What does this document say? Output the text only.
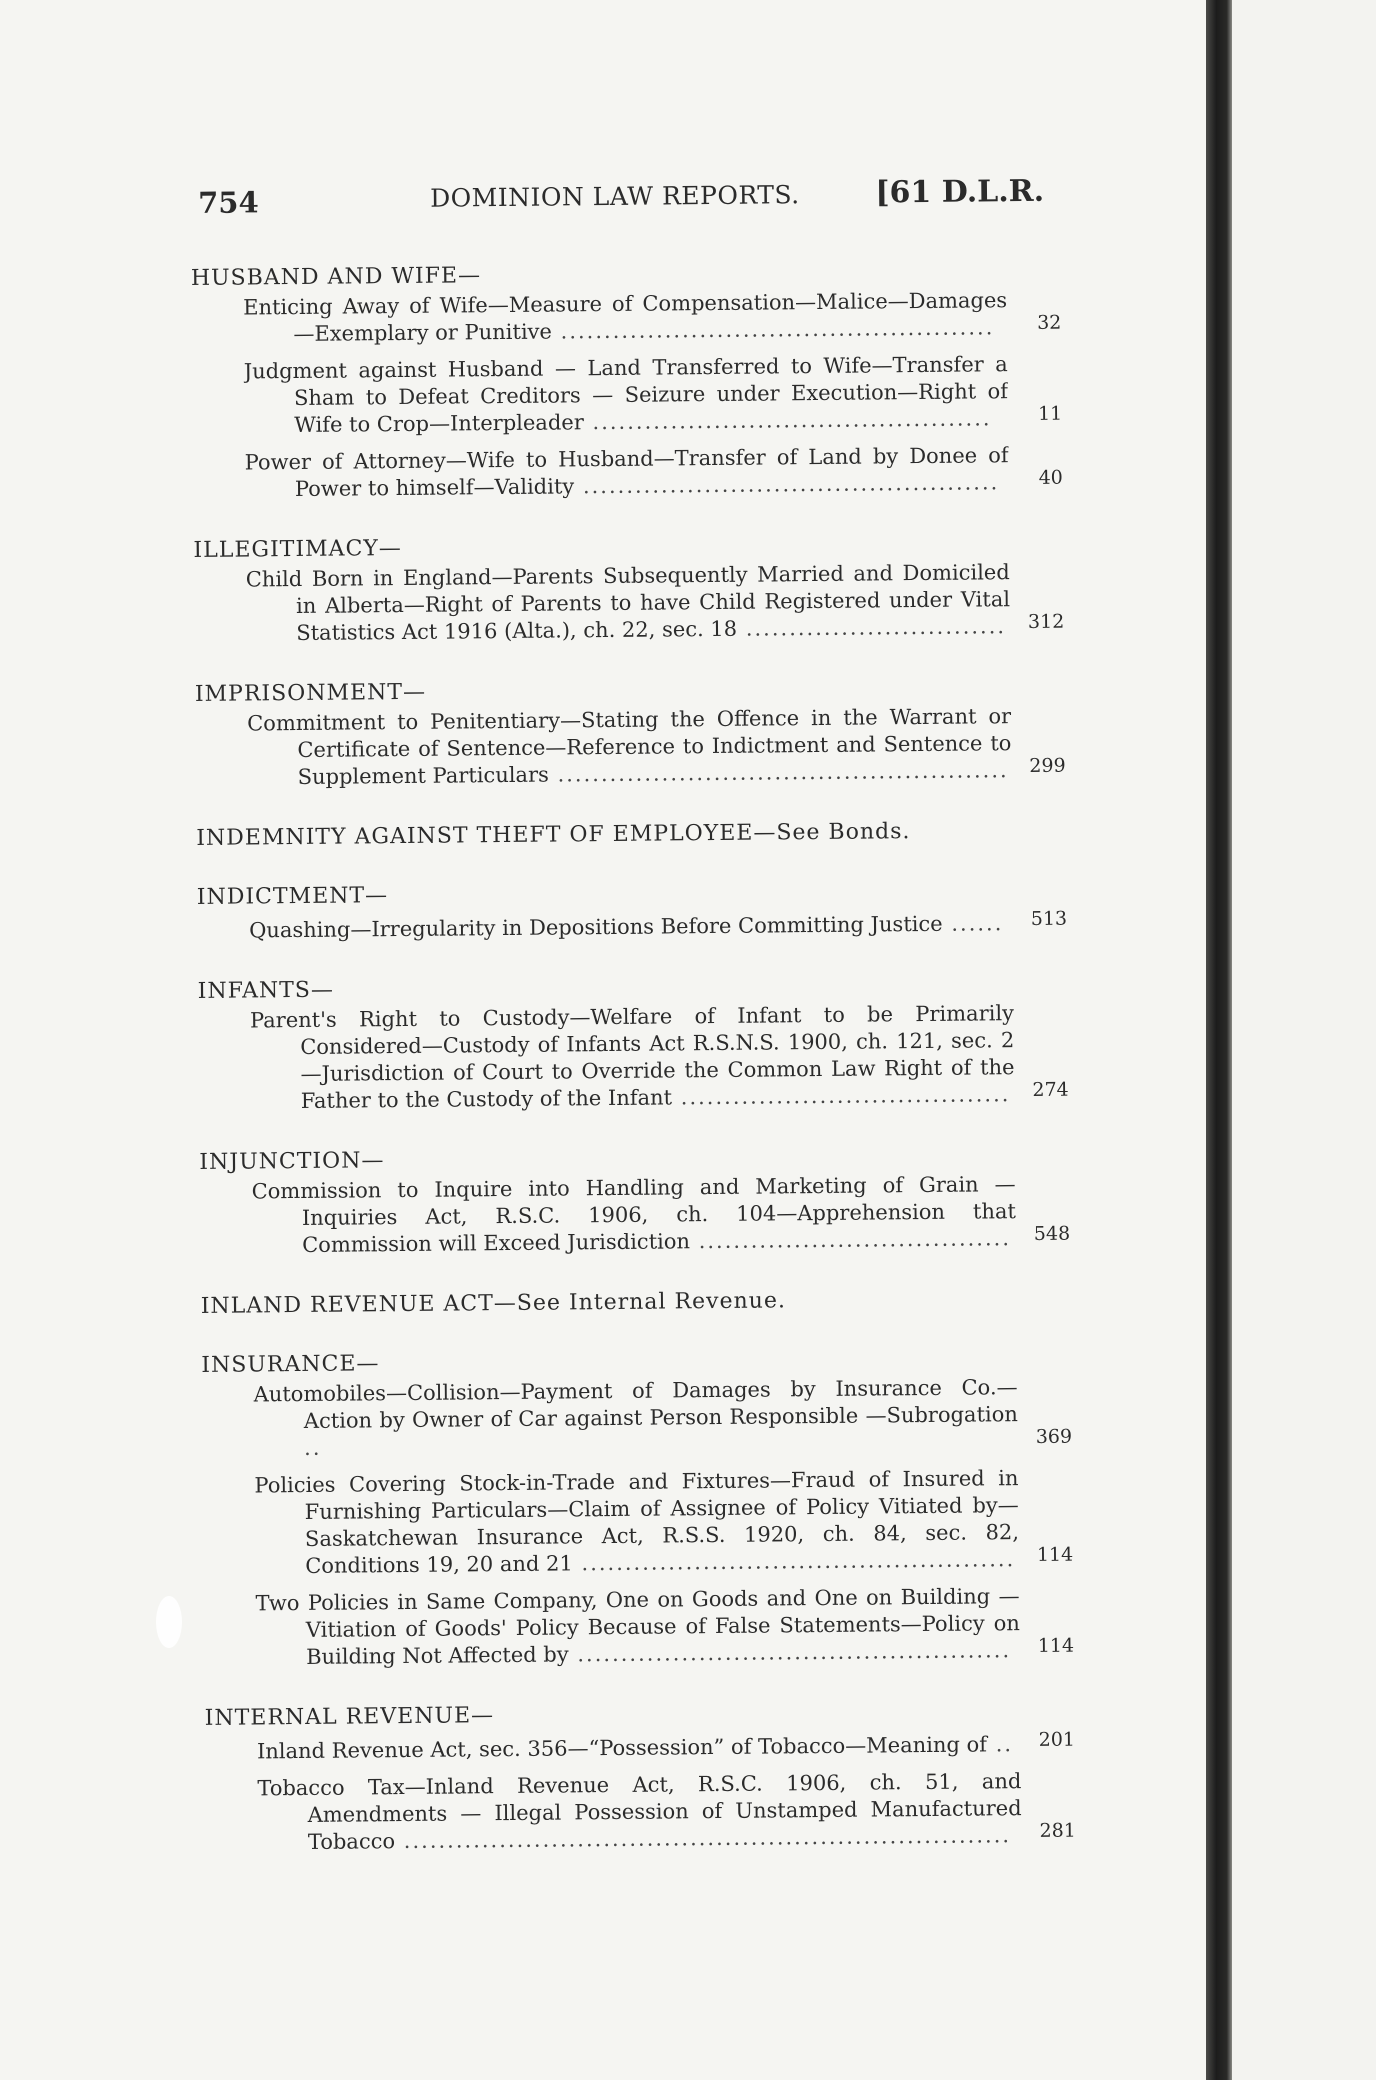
754	DOMINION LAW REPORTS.	[61 D.L.R.
HUSBAND AND WIFE—
Enticing Away of Wife—Measure of Compensation—Malice—Damages—Exemplary or Punitive ..................................................	32
Judgment against Husband — Land Transferred to Wife—Transfer a Sham to Defeat Creditors — Seizure under Execution—Right of Wife to Crop—Interpleader ..............................................	11
Power of Attorney—Wife to Husband—Transfer of Land by Donee of Power to himself—Validity ................................................	40
ILLEGITIMACY—
Child Born in England—Parents Subsequently Married and Domiciled in Alberta—Right of Parents to have Child Registered under Vital Statistics Act 1916 (Alta.), ch. 22, sec. 18 ..............................	312
IMPRISONMENT—
Commitment to Penitentiary—Stating the Offence in the Warrant or Certificate of Sentence—Reference to Indictment and Sentence to Supplement Particulars ....................................................	299
INDEMNITY AGAINST THEFT OF EMPLOYEE—See Bonds.
INDICTMENT—
Quashing—Irregularity in Depositions Before Committing Justice ......	513
INFANTS—
Parent's Right to Custody—Welfare of Infant to be Primarily Considered—Custody of Infants Act R.S.N.S. 1900, ch. 121, sec. 2—Jurisdiction of Court to Override the Common Law Right of the Father to the Custody of the Infant ......................................	274
INJUNCTION—
Commission to Inquire into Handling and Marketing of Grain —Inquiries Act, R.S.C. 1906, ch. 104—Apprehension that Commission will Exceed Jurisdiction ....................................	548
INLAND REVENUE ACT—See Internal Revenue.
INSURANCE—
Automobiles—Collision—Payment of Damages by Insurance Co.—Action by Owner of Car against Person Responsible —Subrogation ..	369
Policies Covering Stock-in-Trade and Fixtures—Fraud of Insured in Furnishing Particulars—Claim of Assignee of Policy Vitiated by—Saskatchewan Insurance Act, R.S.S. 1920, ch. 84, sec. 82, Conditions 19, 20 and 21 ..................................................	114
Two Policies in Same Company, One on Goods and One on Building — Vitiation of Goods' Policy Because of False Statements—Policy on Building Not Affected by ..................................................	114
INTERNAL REVENUE—
Inland Revenue Act, sec. 356—“Possession” of Tobacco—Meaning of ..	201
Tobacco Tax—Inland Revenue Act, R.S.C. 1906, ch. 51, and Amendments — Illegal Possession of Unstamped Manufactured Tobacco ......................................................................	281
